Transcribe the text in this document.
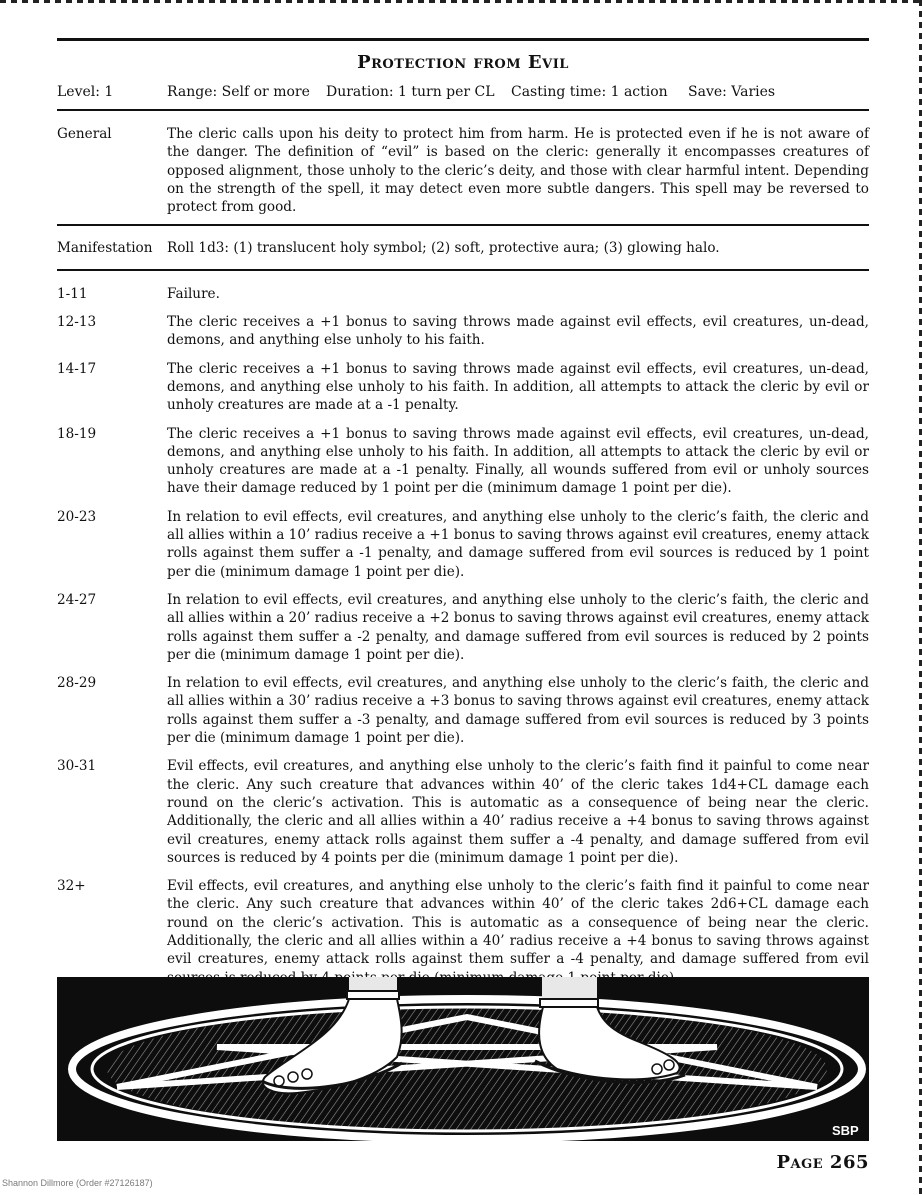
Protection from Evil
Level: 1	Range: Self or more	Duration: 1 turn per CL	Casting time: 1 action	Save: Varies
General	The cleric calls upon his deity to protect him from harm. He is protected even if he is not aware of the danger. The definition of “evil” is based on the cleric: generally it encompasses creatures of opposed alignment, those unholy to the cleric’s deity, and those with clear harmful intent. Depending on the strength of the spell, it may detect even more subtle dangers. This spell may be reversed to protect from good.
Manifestation	Roll 1d3: (1) translucent holy symbol; (2) soft, protective aura; (3) glowing halo.
1-11	Failure.
12-13	The cleric receives a +1 bonus to saving throws made against evil effects, evil creatures, un-dead, demons, and anything else unholy to his faith.
14-17	The cleric receives a +1 bonus to saving throws made against evil effects, evil creatures, un-dead, demons, and anything else unholy to his faith. In addition, all attempts to attack the cleric by evil or unholy creatures are made at a -1 penalty.
18-19	The cleric receives a +1 bonus to saving throws made against evil effects, evil creatures, un-dead, demons, and anything else unholy to his faith. In addition, all attempts to attack the cleric by evil or unholy creatures are made at a -1 penalty. Finally, all wounds suffered from evil or unholy sources have their damage reduced by 1 point per die (minimum damage 1 point per die).
20-23	In relation to evil effects, evil creatures, and anything else unholy to the cleric’s faith, the cleric and all allies within a 10’ radius receive a +1 bonus to saving throws against evil creatures, enemy attack rolls against them suffer a -1 penalty, and damage suffered from evil sources is reduced by 1 point per die (minimum damage 1 point per die).
24-27	In relation to evil effects, evil creatures, and anything else unholy to the cleric’s faith, the cleric and all allies within a 20’ radius receive a +2 bonus to saving throws against evil creatures, enemy attack rolls against them suffer a -2 penalty, and damage suffered from evil sources is reduced by 2 points per die (minimum damage 1 point per die).
28-29	In relation to evil effects, evil creatures, and anything else unholy to the cleric’s faith, the cleric and all allies within a 30’ radius receive a +3 bonus to saving throws against evil creatures, enemy attack rolls against them suffer a -3 penalty, and damage suffered from evil sources is reduced by 3 points per die (minimum damage 1 point per die).
30-31	Evil effects, evil creatures, and anything else unholy to the cleric’s faith find it painful to come near the cleric. Any such creature that advances within 40’ of the cleric takes 1d4+CL damage each round on the cleric’s activation. This is automatic as a consequence of being near the cleric. Additionally, the cleric and all allies within a 40’ radius receive a +4 bonus to saving throws against evil creatures, enemy attack rolls against them suffer a -4 penalty, and damage suffered from evil sources is reduced by 4 points per die (minimum damage 1 point per die).
32+	Evil effects, evil creatures, and anything else unholy to the cleric’s faith find it painful to come near the cleric. Any such creature that advances within 40’ of the cleric takes 2d6+CL damage each round on the cleric’s activation. This is automatic as a consequence of being near the cleric. Additionally, the cleric and all allies within a 40’ radius receive a +4 bonus to saving throws against evil creatures, enemy attack rolls against them suffer a -4 penalty, and damage suffered from evil
SBP
Shannon Dillmore (Order #27126187)
Page 265
